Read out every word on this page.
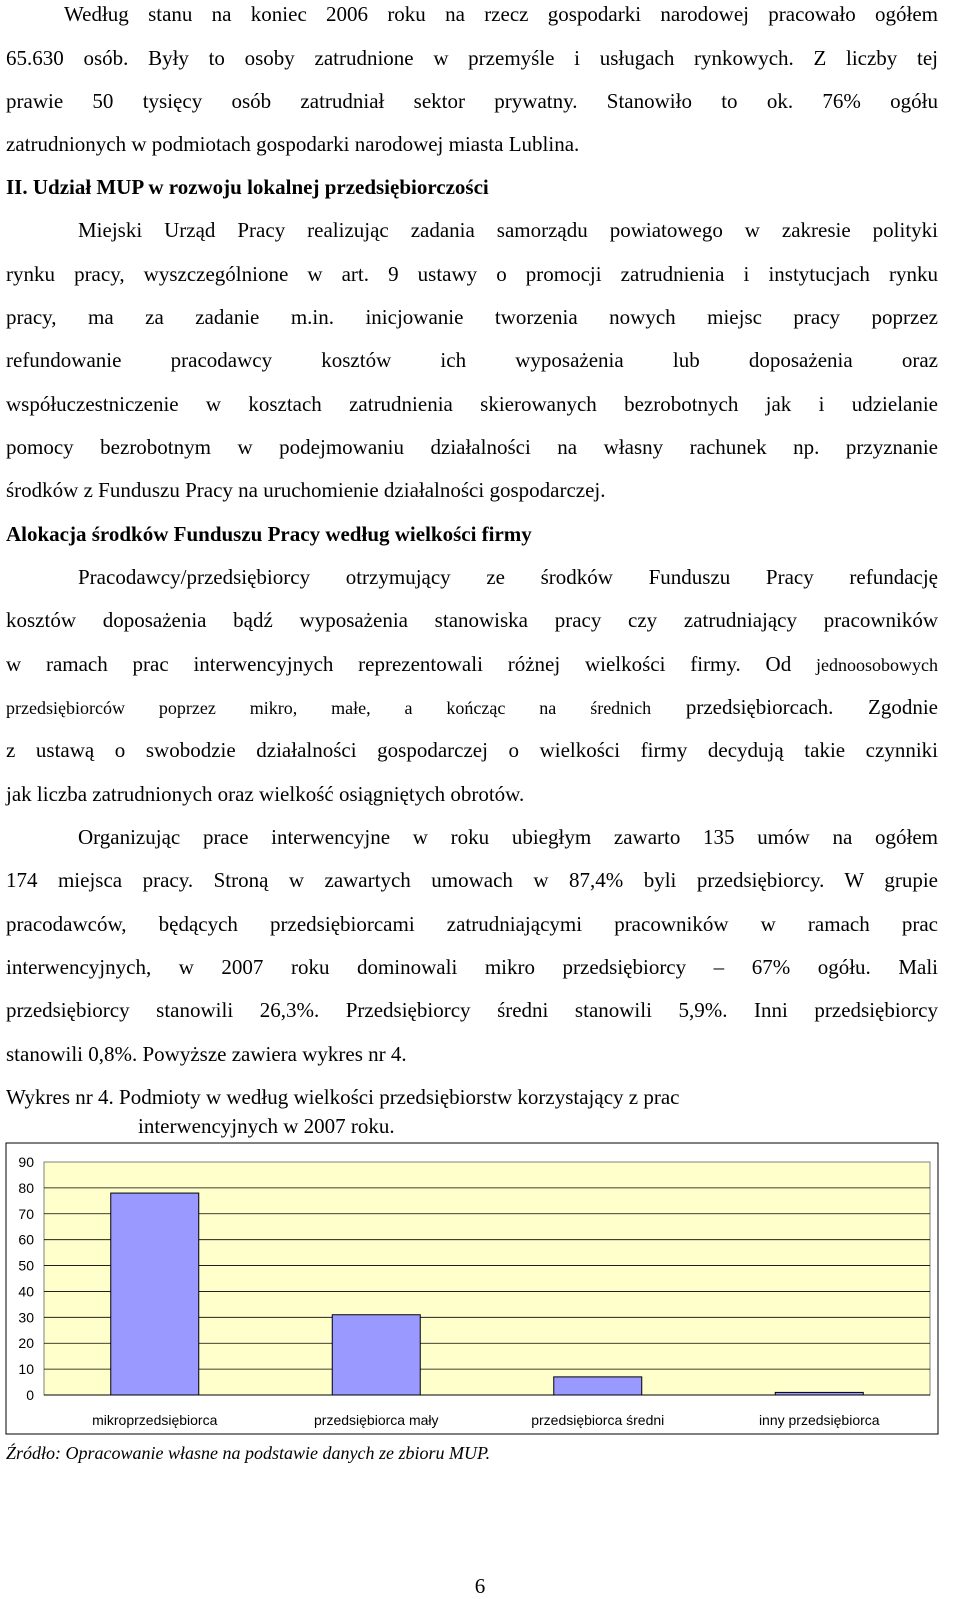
Według stanu na koniec 2006 roku na rzecz gospodarki narodowej pracowało ogółem
65.630 osób. Były to osoby zatrudnione w przemyśle i usługach rynkowych. Z liczby tej
prawie 50 tysięcy osób zatrudniał sektor prywatny. Stanowiło to ok. 76% ogółu
zatrudnionych w podmiotach gospodarki narodowej miasta Lublina.
II. Udział MUP w rozwoju lokalnej przedsiębiorczości
Miejski Urząd Pracy realizując zadania samorządu powiatowego w zakresie polityki
rynku pracy, wyszczególnione w art. 9 ustawy o promocji zatrudnienia i instytucjach rynku
pracy, ma za zadanie m.in. inicjowanie tworzenia nowych miejsc pracy poprzez
refundowanie pracodawcy kosztów ich wyposażenia lub doposażenia oraz
współuczestniczenie w kosztach zatrudnienia skierowanych bezrobotnych jak i udzielanie
pomocy bezrobotnym w podejmowaniu działalności na własny rachunek np. przyznanie
środków z Funduszu Pracy na uruchomienie działalności gospodarczej.
Alokacja środków Funduszu Pracy według wielkości firmy
Pracodawcy/przedsiębiorcy otrzymujący ze środków Funduszu Pracy refundację
kosztów doposażenia bądź wyposażenia stanowiska pracy czy zatrudniający pracowników
w ramach prac interwencyjnych reprezentowali różnej wielkości firmy. Od jednoosobowych
przedsiębiorców poprzez mikro, małe, a kończąc na średnich przedsiębiorcach. Zgodnie
z ustawą o swobodzie działalności gospodarczej o wielkości firmy decydują takie czynniki
jak liczba zatrudnionych oraz wielkość osiągniętych obrotów.
Organizując prace interwencyjne w roku ubiegłym zawarto 135 umów na ogółem
174 miejsca pracy. Stroną w zawartych umowach w 87,4% byli przedsiębiorcy. W grupie
pracodawców, będących przedsiębiorcami zatrudniającymi pracowników w ramach prac
interwencyjnych, w 2007 roku dominowali mikro przedsiębiorcy – 67% ogółu. Mali
przedsiębiorcy stanowili 26,3%. Przedsiębiorcy średni stanowili 5,9%. Inni przedsiębiorcy
stanowili 0,8%. Powyższe zawiera wykres nr 4.
Wykres nr 4. Podmioty w według wielkości przedsiębiorstw korzystający z prac
interwencyjnych w 2007 roku.
0
10
20
30
40
50
60
70
80
90
mikroprzedsiębiorca	przedsiębiorca mały	przedsiębiorca średni	inny przedsiębiorca
Źródło: Opracowanie własne na podstawie danych ze zbioru MUP.
6
